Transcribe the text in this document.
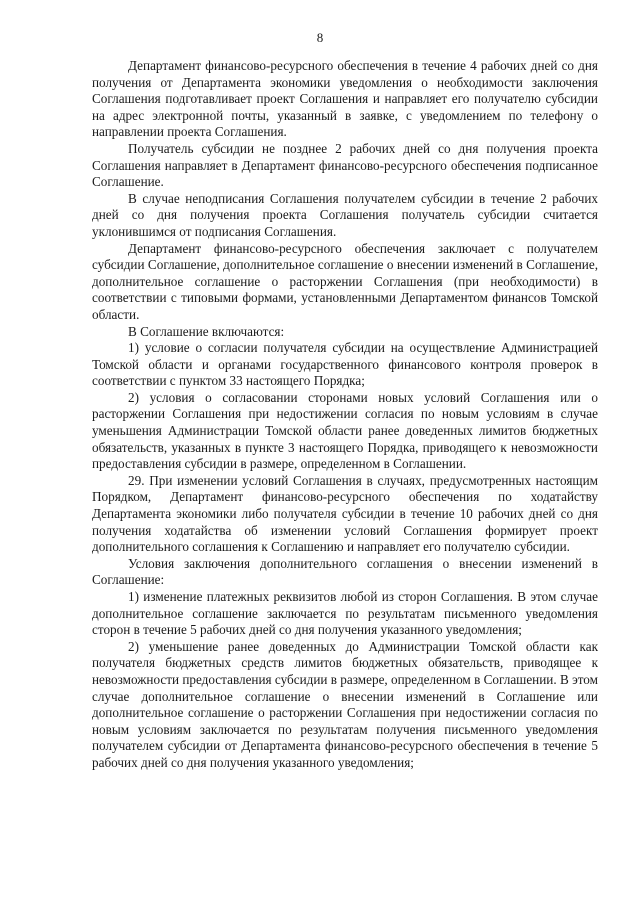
8

Департамент финансово-ресурсного обеспечения в течение 4 рабочих дней со дня получения от Департамента экономики уведомления о необходимости заключения Соглашения подготавливает проект Соглашения и направляет его получателю субсидии на адрес электронной почты, указанный в заявке, с уведомлением по телефону о направлении проекта Соглашения.

Получатель субсидии не позднее 2 рабочих дней со дня получения проекта Соглашения направляет в Департамент финансово-ресурсного обеспечения подписанное Соглашение.

В случае неподписания Соглашения получателем субсидии в течение 2 рабочих дней со дня получения проекта Соглашения получатель субсидии считается уклонившимся от подписания Соглашения.

Департамент финансово-ресурсного обеспечения заключает с получателем субсидии Соглашение, дополнительное соглашение о внесении изменений в Соглашение, дополнительное соглашение о расторжении Соглашения (при необходимости) в соответствии с типовыми формами, установленными Департаментом финансов Томской области.

В Соглашение включаются:

1) условие о согласии получателя субсидии на осуществление Администрацией Томской области и органами государственного финансового контроля проверок в соответствии с пунктом 33 настоящего Порядка;

2) условия о согласовании сторонами новых условий Соглашения или о расторжении Соглашения при недостижении согласия по новым условиям в случае уменьшения Администрации Томской области ранее доведенных лимитов бюджетных обязательств, указанных в пункте 3 настоящего Порядка, приводящего к невозможности предоставления субсидии в размере, определенном в Соглашении.

29. При изменении условий Соглашения в случаях, предусмотренных настоящим Порядком, Департамент финансово-ресурсного обеспечения по ходатайству Департамента экономики либо получателя субсидии в течение 10 рабочих дней со дня получения ходатайства об изменении условий Соглашения формирует проект дополнительного соглашения к Соглашению и направляет его получателю субсидии.

Условия заключения дополнительного соглашения о внесении изменений в Соглашение:

1) изменение платежных реквизитов любой из сторон Соглашения. В этом случае дополнительное соглашение заключается по результатам письменного уведомления сторон в течение 5 рабочих дней со дня получения указанного уведомления;

2) уменьшение ранее доведенных до Администрации Томской области как получателя бюджетных средств лимитов бюджетных обязательств, приводящее к невозможности предоставления субсидии в размере, определенном в Соглашении. В этом случае дополнительное соглашение о внесении изменений в Соглашение или дополнительное соглашение о расторжении Соглашения при недостижении согласия по новым условиям заключается по результатам получения письменного уведомления получателем субсидии от Департамента финансово-ресурсного обеспечения в течение 5 рабочих дней со дня получения указанного уведомления;
